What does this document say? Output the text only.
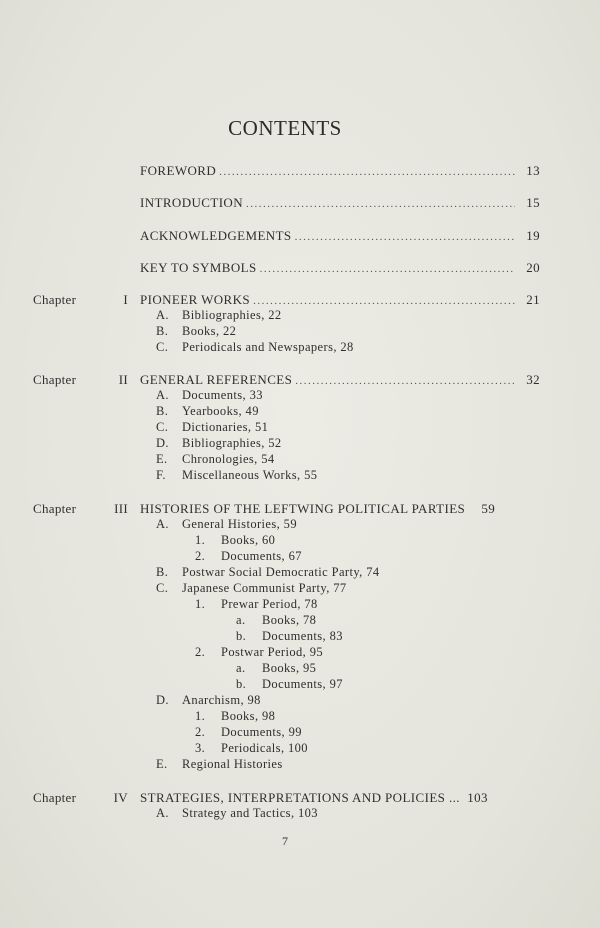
CONTENTS
FOREWORD .....	13
INTRODUCTION .....	15
ACKNOWLEDGEMENTS .....	19
KEY TO SYMBOLS .....	20
Chapter	I PIONEER WORKS .....	21
A. Bibliographies, 22
B. Books, 22
C. Periodicals and Newspapers, 28
Chapter	II GENERAL REFERENCES .....	32
A. Documents, 33
B. Yearbooks, 49
C. Dictionaries, 51
D. Bibliographies, 52
E. Chronologies, 54
F. Miscellaneous Works, 55
Chapter	III HISTORIES OF THE LEFTWING POLITICAL PARTIES	59
A. General Histories, 59
1. Books, 60
2. Documents, 67
B. Postwar Social Democratic Party, 74
C. Japanese Communist Party, 77
1. Prewar Period, 78
a. Books, 78
b. Documents, 83
2. Postwar Period, 95
a. Books, 95
b. Documents, 97
D. Anarchism, 98
1. Books, 98
2. Documents, 99
3. Periodicals, 100
E. Regional Histories
Chapter	IV STRATEGIES, INTERPRETATIONS AND POLICIES ... 103
A. Strategy and Tactics, 103
7
